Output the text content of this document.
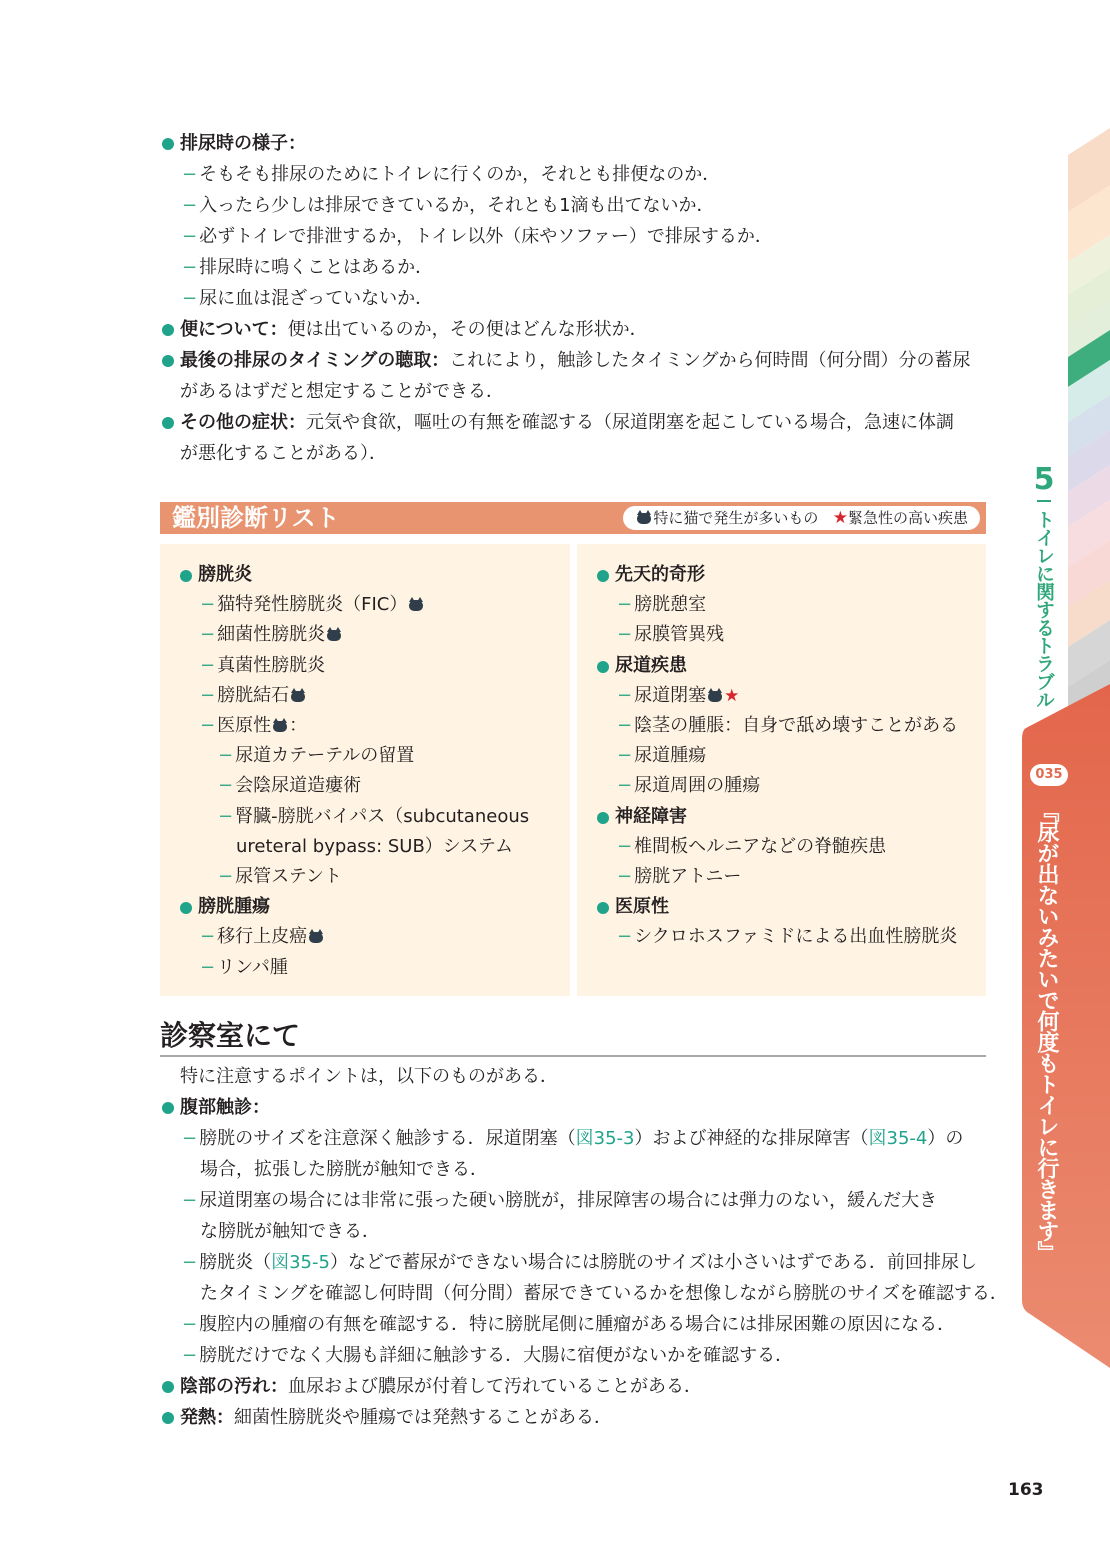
5
トイレに関するトラブル
035
『尿が出ないみたいで何度もトイレに行きます』
排尿時の様子：
− そもそも排尿のためにトイレに行くのか，それとも排便なのか．
− 入ったら少しは排尿できているか，それとも1滴も出てないか．
− 必ずトイレで排泄するか，トイレ以外（床やソファー）で排尿するか．
− 排尿時に鳴くことはあるか．
− 尿に血は混ざっていないか．
便について：便は出ているのか，その便はどんな形状か．
最後の排尿のタイミングの聴取：これにより，触診したタイミングから何時間（何分間）分の蓄尿
があるはずだと想定することができる．
その他の症状：元気や食欲，嘔吐の有無を確認する（尿道閉塞を起こしている場合，急速に体調
が悪化することがある）．
鑑別診断リスト	特に猫で発生が多いもの ★緊急性の高い疾患
膀胱炎
− 猫特発性膀胱炎（FIC）
− 細菌性膀胱炎
− 真菌性膀胱炎
− 膀胱結石
− 医原性 ：
− 尿道カテーテルの留置
− 会陰尿道造瘻術
− 腎臓-膀胱バイパス（subcutaneous
ureteral bypass: SUB）システム
− 尿管ステント
膀胱腫瘍
− 移行上皮癌
− リンパ腫
先天的奇形
− 膀胱憩室
− 尿膜管異残
尿道疾患
− 尿道閉塞 ★
− 陰茎の腫脹：自身で舐め壊すことがある
− 尿道腫瘍
− 尿道周囲の腫瘍
神経障害
− 椎間板ヘルニアなどの脊髄疾患
− 膀胱アトニー
医原性
− シクロホスファミドによる出血性膀胱炎
診察室にて
特に注意するポイントは，以下のものがある．
腹部触診：
− 膀胱のサイズを注意深く触診する．尿道閉塞（図35-3）および神経的な排尿障害（図35-4）の
場合，拡張した膀胱が触知できる．
− 尿道閉塞の場合には非常に張った硬い膀胱が，排尿障害の場合には弾力のない，緩んだ大き
な膀胱が触知できる．
− 膀胱炎（図35-5）などで蓄尿ができない場合には膀胱のサイズは小さいはずである．前回排尿し
たタイミングを確認し何時間（何分間）蓄尿できているかを想像しながら膀胱のサイズを確認する．
− 腹腔内の腫瘤の有無を確認する．特に膀胱尾側に腫瘤がある場合には排尿困難の原因になる．
− 膀胱だけでなく大腸も詳細に触診する．大腸に宿便がないかを確認する．
陰部の汚れ：血尿および膿尿が付着して汚れていることがある．
発熱：細菌性膀胱炎や腫瘍では発熱することがある．
163
